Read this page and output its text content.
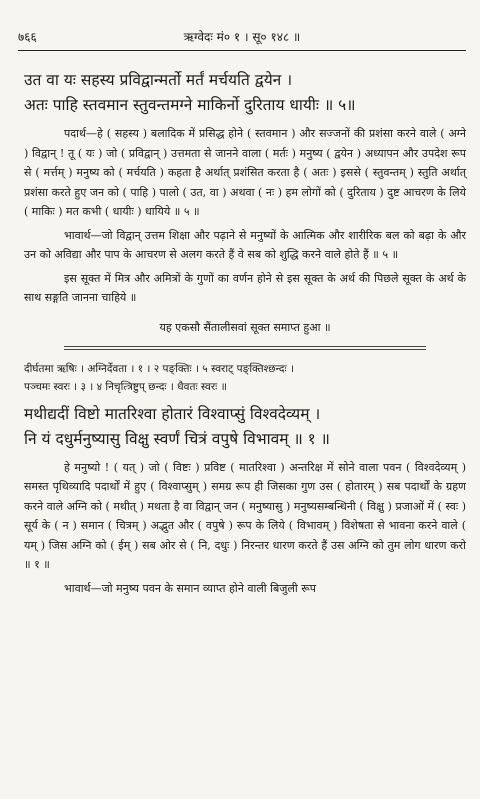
७६६	ऋग्वेदः मं० १ । सू० १४८ ॥

उत वा यः सहस्य प्रविद्वान्मर्तो मर्तं मर्चयति द्वयेन ।

अतः पाहि स्तवमान स्तुवन्तमग्ने माकिर्नो दुरिताय धायीः ॥ ५॥

पदार्थ—हे ( सहस्य ) बलादिक में प्रसिद्ध होने ( स्तवमान ) और सज्जनों की प्रशंसा करने वाले ( अग्ने ) विद्वान् ! तू ( यः ) जो ( प्रविद्वान् ) उत्तमता से जानने वाला ( मर्तः ) मनुष्य ( द्वयेन ) अध्यापन और उपदेश रूप से ( मर्त्तम् ) मनुष्य को ( मर्चयति ) कहता है अर्थात् प्रशंसित करता है ( अतः ) इससे ( स्तुवन्तम् ) स्तुति अर्थात् प्रशंसा करते हुए जन को ( पाहि ) पालो ( उत, वा ) अथवा ( नः ) हम लोगों को ( दुरिताय ) दुष्ट आचरण के लिये ( माकिः ) मत कभी ( धायीः ) धायिये ॥ ५ ॥

भावार्थ—जो विद्वान् उत्तम शिक्षा और पढ़ाने से मनुष्यों के आत्मिक और शारीरिक बल को बढ़ा के और उन को अविद्या और पाप के आचरण से अलग करते हैं वे सब को शुद्धि करने वाले होते हैं ॥ ५ ॥

इस सूक्त में मित्र और अमित्रों के गुणों का वर्णन होने से इस सूक्त के अर्थ की पिछले सूक्त के अर्थ के साथ सङ्गति जानना चाहिये ॥

यह एकसौ सैंतालीसवां सूक्त समाप्त हुआ ॥

दीर्घतमा ऋषिः । अग्निर्देवता । १ । २ पङ्क्तिः । ५ स्वराट् पङ्क्तिश्छन्दः ।

पञ्चमः स्वरः । ३ । ४ निचृत्त्रिष्टुप् छन्दः । धैवतः स्वरः ॥

मथीद्यदीं विष्टो मातरिश्वा होतारं विश्वाप्सुं विश्वदेव्यम् ।

नि यं दधुर्मनुष्यासु विक्षु स्वर्णं चित्रं वपुषे विभावम् ॥ १ ॥

हे मनुष्यो ! ( यत् ) जो ( विष्टः ) प्रविष्ट ( मातरिश्वा ) अन्तरिक्ष में सोने वाला पवन ( विश्वदेव्यम् ) समस्त पृथिव्यादि पदार्थों में हुए ( विश्वाप्सुम् ) समग्र रूप ही जिसका गुण उस ( होतारम् ) सब पदार्थों के ग्रहण करने वाले अग्नि को ( मथीत् ) मथता है वा विद्वान् जन ( मनुष्यासु ) मनुष्यसम्बन्धिनी ( विक्षु ) प्रजाओं में ( स्वः ) सूर्य के ( न ) समान ( चित्रम् ) अद्भुत और ( वपुषे ) रूप के लिये ( विभावम् ) विशेषता से भावना करने वाले ( यम् ) जिस अग्नि को ( ईम् ) सब ओर से ( नि, दधुः ) निरन्तर धारण करते हैं उस अग्नि को तुम लोग धारण करो ॥ १ ॥

भावार्थ—जो मनुष्य पवन के समान व्याप्त होने वाली बिजुली रूप
